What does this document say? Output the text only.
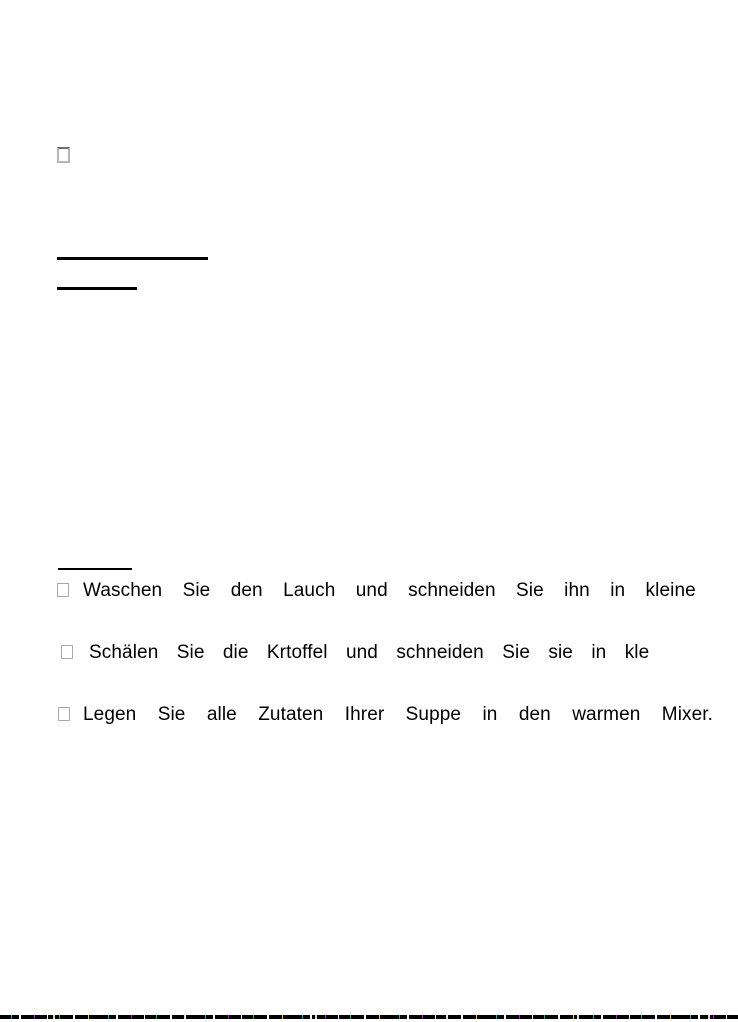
Waschen Sie den Lauch und schneiden Sie ihn in kleine
Schälen Sie die Krtoffel und schneiden Sie sie in kle
Legen Sie alle Zutaten Ihrer Suppe in den warmen Mixer.
